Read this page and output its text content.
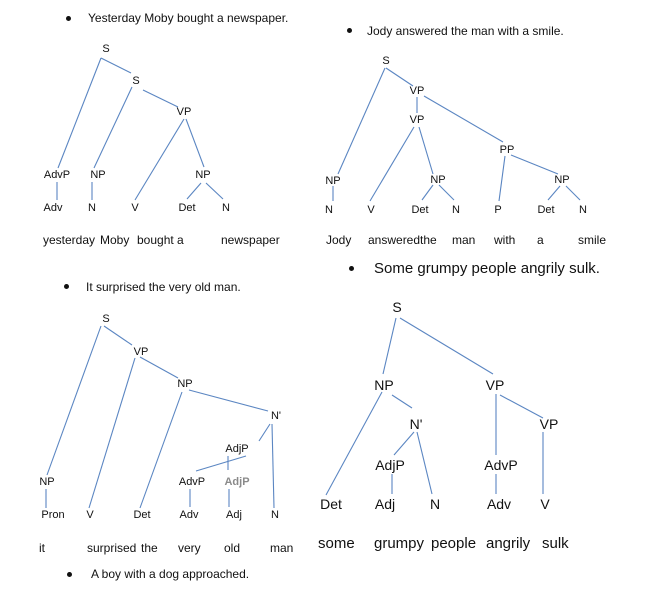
Yesterday Moby bought a newspaper.
Jody answered the man with a smile.
It surprised the very old man.
Some grumpy people angrily sulk.
A boy with a dog approached.
S
S
VP
AdvP NP	NP
Adv N	V	Det N
yesterday Moby bought a	newspaper
S
VP
VP
PP
NP	NP	NP
N	V	Det N	P	Det N
Jody answered the man with a	smile
S
VP
NP
N'
AdjP
AdvP AdjP
NP
Pron V	Det	Adv	Adj	N
it	surprised the very old man
S
NP	VP
N'	VP
AdjP	AdvP
Det Adj N	Adv V
some grumpy people angrily sulk
